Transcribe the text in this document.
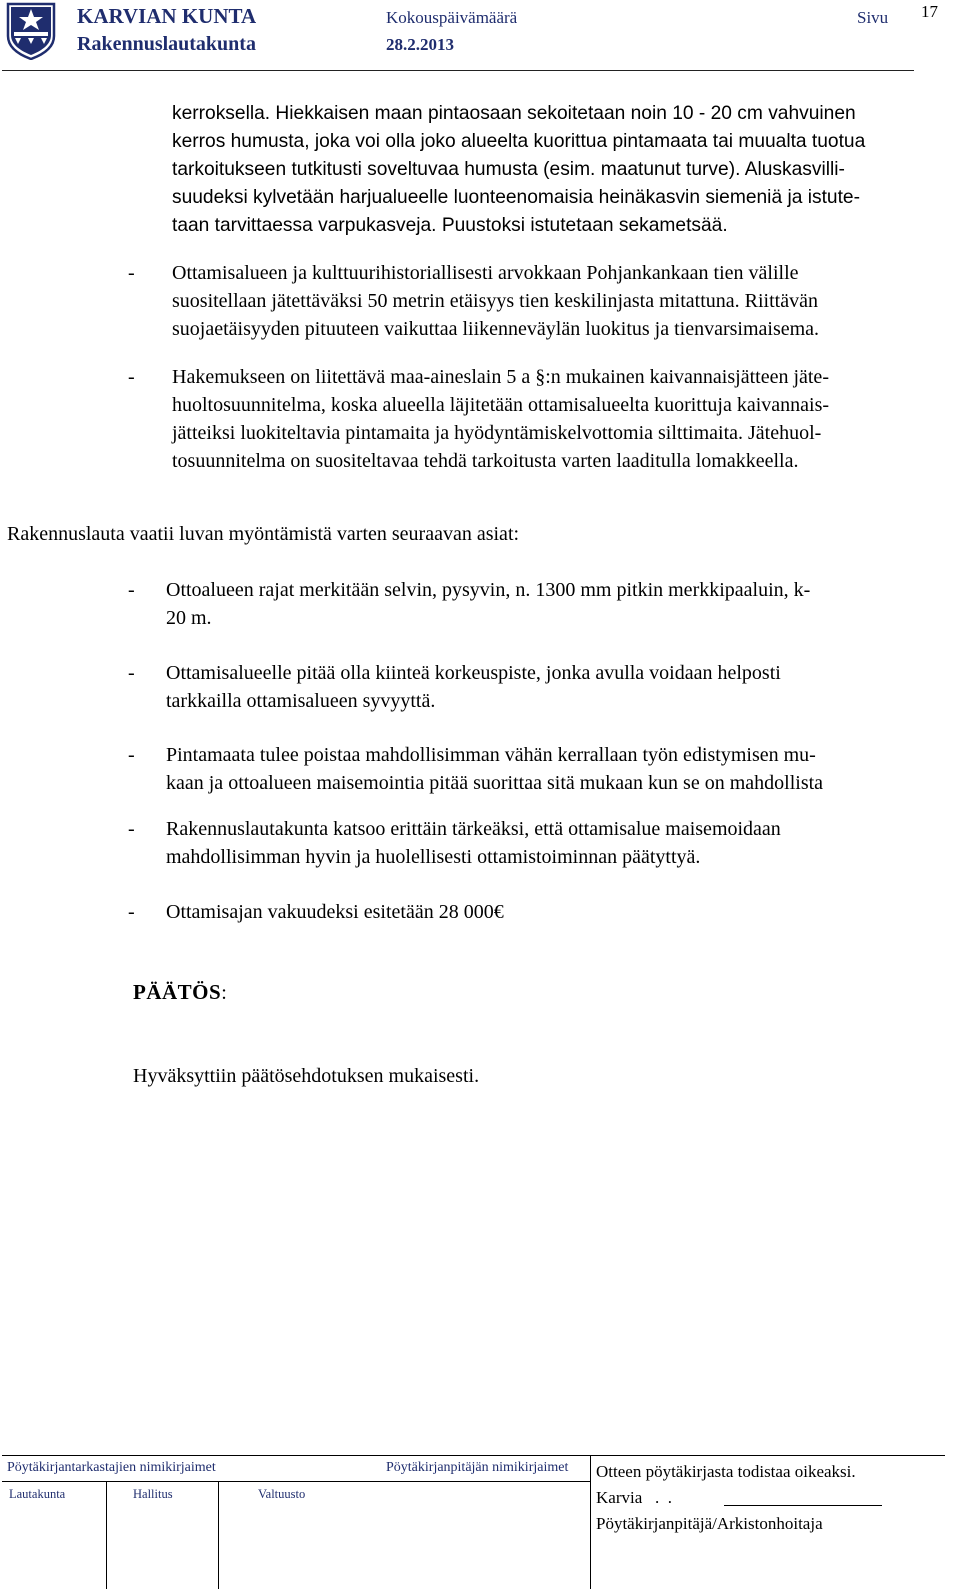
KARVIAN KUNTA
Rakennuslautakunta
Kokouspäivämäärä
28.2.2013
Sivu 17
kerroksella. Hiekkaisen maan pintaosaan sekoitetaan noin 10 - 20 cm vahvuinen
kerros humusta, joka voi olla joko alueelta kuorittua pintamaata tai muualta tuotua
tarkoitukseen tutkitusti soveltuvaa humusta (esim. maatunut turve). Aluskasvilli-
suudeksi kylvetään harjualueelle luonteenomaisia heinäkasvin siemeniä ja istute-
taan tarvittaessa varpukasveja. Puustoksi istutetaan sekametsää.
- Ottamisalueen ja kulttuurihistoriallisesti arvokkaan Pohjankankaan tien välille
suositellaan jätettäväksi 50 metrin etäisyys tien keskilinjasta mitattuna. Riittävän
suojaetäisyyden pituuteen vaikuttaa liikenneväylän luokitus ja tienvarsimaisema.
- Hakemukseen on liitettävä maa-aineslain 5 a §:n mukainen kaivannaisjätteen jäte-
huoltosuunnitelma, koska alueella läjitetään ottamisalueelta kuorittuja kaivannais-
jätteiksi luokiteltavia pintamaita ja hyödyntämiskelvottomia silttimaita. Jätehuol-
tosuunnitelma on suositeltavaa tehdä tarkoitusta varten laaditulla lomakkeella.
Rakennuslauta vaatii luvan myöntämistä varten seuraavan asiat:
- Ottoalueen rajat merkitään selvin, pysyvin, n. 1300 mm pitkin merkkipaaluin, k-
20 m.
- Ottamisalueelle pitää olla kiinteä korkeuspiste, jonka avulla voidaan helposti
tarkkailla ottamisalueen syvyyttä.
- Pintamaata tulee poistaa mahdollisimman vähän kerrallaan työn edistymisen mu-
kaan ja ottoalueen maisemointia pitää suorittaa sitä mukaan kun se on mahdollista
- Rakennuslautakunta katsoo erittäin tärkeäksi, että ottamisalue maisemoidaan
mahdollisimman hyvin ja huolellisesti ottamistoiminnan päätyttyä.
- Ottamisajan vakuudeksi esitetään 28 000€
PÄÄTÖS:
Hyväksyttiin päätösehdotuksen mukaisesti.
Pöytäkirjantarkastajien nimikirjaimet	Pöytäkirjanpitäjän nimikirjaimet
Lautakunta	Hallitus	Valtuusto
Otteen pöytäkirjasta todistaa oikeaksi.
Karvia   .  .
Pöytäkirjanpitäjä/Arkistonhoitaja
